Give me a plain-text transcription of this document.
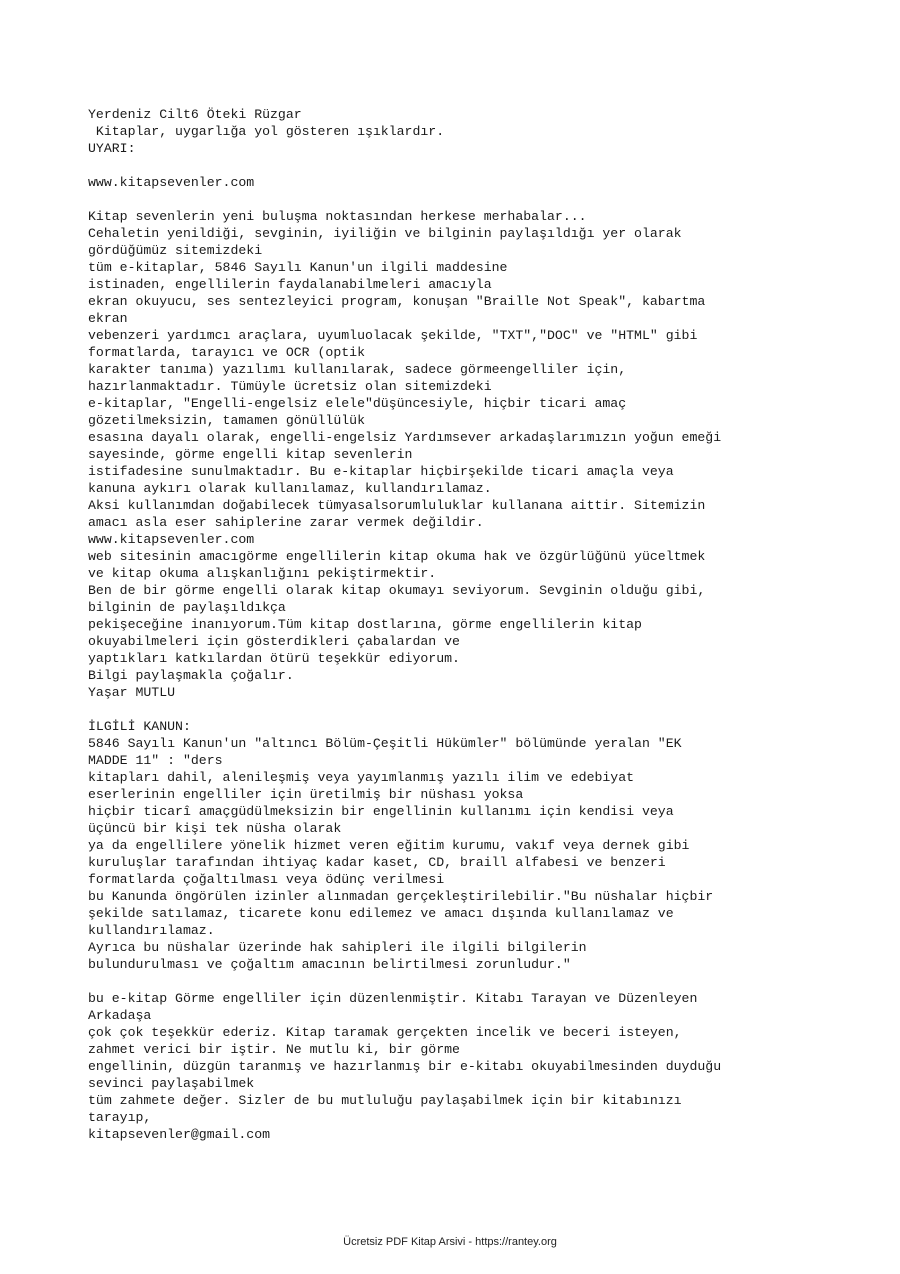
Yerdeniz Cilt6 Öteki Rüzgar
Kitaplar, uygarlığa yol gösteren ışıklardır.
UYARI:
www.kitapsevenler.com
Kitap sevenlerin yeni buluşma noktasından herkese merhabalar...
Cehaletin yenildiği, sevginin, iyiliğin ve bilginin paylaşıldığı yer olarak
gördüğümüz sitemizdeki
tüm e-kitaplar, 5846 Sayılı Kanun'un ilgili maddesine
istinaden, engellilerin faydalanabilmeleri amacıyla
ekran okuyucu, ses sentezleyici program, konuşan "Braille Not Speak", kabartma
ekran
vebenzeri yardımcı araçlara, uyumluolacak şekilde, "TXT","DOC" ve "HTML" gibi
formatlarda, tarayıcı ve OCR (optik
karakter tanıma) yazılımı kullanılarak, sadece görmeengelliler için,
hazırlanmaktadır. Tümüyle ücretsiz olan sitemizdeki
e-kitaplar, "Engelli-engelsiz elele"düşüncesiyle, hiçbir ticari amaç
gözetilmeksizin, tamamen gönüllülük
esasına dayalı olarak, engelli-engelsiz Yardımsever arkadaşlarımızın yoğun emeği
sayesinde, görme engelli kitap sevenlerin
istifadesine sunulmaktadır. Bu e-kitaplar hiçbirşekilde ticari amaçla veya
kanuna aykırı olarak kullanılamaz, kullandırılamaz.
Aksi kullanımdan doğabilecek tümyasalsorumluluklar kullanana aittir. Sitemizin
amacı asla eser sahiplerine zarar vermek değildir.
www.kitapsevenler.com
web sitesinin amacıgörme engellilerin kitap okuma hak ve özgürlüğünü yüceltmek
ve kitap okuma alışkanlığını pekiştirmektir.
Ben de bir görme engelli olarak kitap okumayı seviyorum. Sevginin olduğu gibi,
bilginin de paylaşıldıkça
pekişeceğine inanıyorum.Tüm kitap dostlarına, görme engellilerin kitap
okuyabilmeleri için gösterdikleri çabalardan ve
yaptıkları katkılardan ötürü teşekkür ediyorum.
Bilgi paylaşmakla çoğalır.
Yaşar MUTLU
İLGİLİ KANUN:
5846 Sayılı Kanun'un "altıncı Bölüm-Çeşitli Hükümler" bölümünde yeralan "EK
MADDE 11" : "ders
kitapları dahil, alenileşmiş veya yayımlanmış yazılı ilim ve edebiyat
eserlerinin engelliler için üretilmiş bir nüshası yoksa
hiçbir ticarî amaçgüdülmeksizin bir engellinin kullanımı için kendisi veya
üçüncü bir kişi tek nüsha olarak
ya da engellilere yönelik hizmet veren eğitim kurumu, vakıf veya dernek gibi
kuruluşlar tarafından ihtiyaç kadar kaset, CD, braill alfabesi ve benzeri
formatlarda çoğaltılması veya ödünç verilmesi
bu Kanunda öngörülen izinler alınmadan gerçekleştirilebilir."Bu nüshalar hiçbir
şekilde satılamaz, ticarete konu edilemez ve amacı dışında kullanılamaz ve
kullandırılamaz.
Ayrıca bu nüshalar üzerinde hak sahipleri ile ilgili bilgilerin
bulundurulması ve çoğaltım amacının belirtilmesi zorunludur."
bu e-kitap Görme engelliler için düzenlenmiştir. Kitabı Tarayan ve Düzenleyen
Arkadaşa
çok çok teşekkür ederiz. Kitap taramak gerçekten incelik ve beceri isteyen,
zahmet verici bir iştir. Ne mutlu ki, bir görme
engellinin, düzgün taranmış ve hazırlanmış bir e-kitabı okuyabilmesinden duyduğu
sevinci paylaşabilmek
tüm zahmete değer. Sizler de bu mutluluğu paylaşabilmek için bir kitabınızı
tarayıp,
kitapsevenler@gmail.com
Ücretsiz PDF Kitap Arsivi - https://rantey.org
